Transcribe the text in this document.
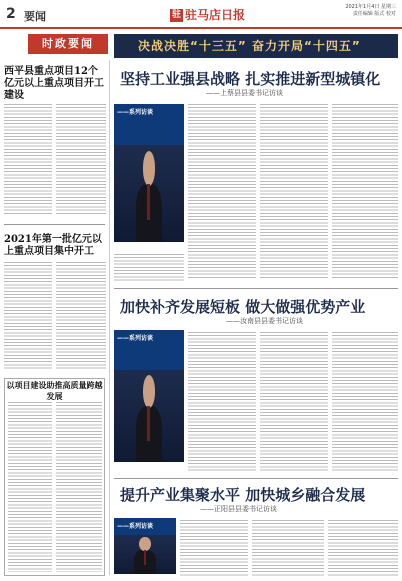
2 要闻	驻 驻马店日报
2021年1月4日 星期三
责任编辑 版式 校对
时政要闻	决战决胜“十三五” 奋力开局“十四五”
西平县重点项目12个亿元以上重点项目开工建设
2021年第一批亿元以上重点项目集中开工
以项目建设助推高质量跨越发展
坚持工业强县战略 扎实推进新型城镇化
——上蔡县县委书记访谈
——系列访谈
加快补齐发展短板 做大做强优势产业
——汝南县县委书记访谈
——系列访谈
提升产业集聚水平 加快城乡融合发展
——正阳县县委书记访谈
——系列访谈
